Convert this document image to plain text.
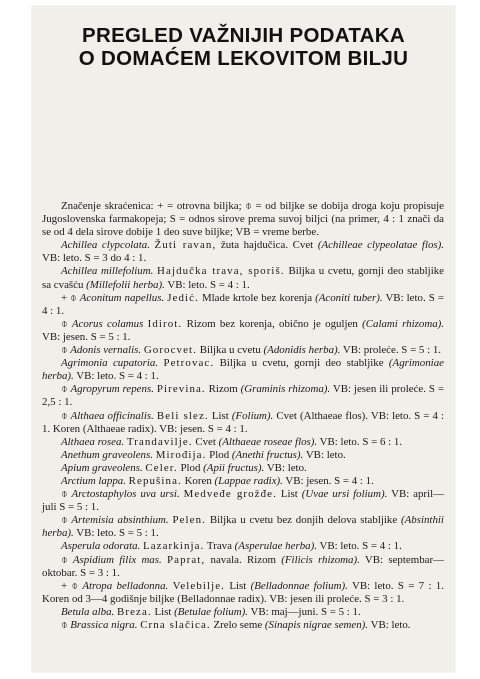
PREGLED VAŽNIJIH PODATAKA
O DOMAĆEM LEKOVITOM BILJU

Značenje skraćenica: + = otrovna biljka; ⌽ = od biljke se dobija droga koju propisuje Jugoslovenska farmakopeja; S = odnos sirove prema suvoj biljci (na primer, 4 : 1 znači da se od 4 dela sirove dobije 1 deo suve biljke; VB = vreme berbe.

Achillea clypcolata. Žuti ravan, žuta hajdučica. Cvet (Achilleae clypeolatae flos). VB: leto. S = 3 do 4 : 1.

Achillea millefolium. Hajdučka trava, sporiš. Biljka u cvetu, gornji deo stabljike sa cvašću (Millefolii herba). VB: leto. S = 4 : 1.

+ ⌽ Aconitum napellus. Jedić. Mlade krtole bez korenja (Aconiti tuber). VB: leto. S = 4 : 1.

⌽ Acorus colamus Idirot. Rizom bez korenja, obično je oguljen (Calami rhizoma). VB: jesen. S = 5 : 1.

⌽ Adonis vernalis. Gorocvet. Biljka u cvetu (Adonidis herba). VB: proleće. S = 5 : 1.

Agrimonia cupatoria. Petrovac. Biljka u cvetu, gornji deo stabljike (Agrimoniae herba). VB: leto. S = 4 : 1.

⌽ Agropyrum repens. Pirevina. Rizom (Graminis rhizoma). VB: jesen ili proleće. S = 2,5 : 1.

⌽ Althaea officinalis. Beli slez. List (Folium). Cvet (Althaeae flos). VB: leto. S = 4 : 1. Koren (Althaeae radix). VB: jesen. S = 4 : 1.

Althaea rosea. Trandavilje. Cvet (Althaeae roseae flos). VB: leto. S = 6 : 1.

Anethum graveolens. Mirođija. Plod (Anethi fructus). VB: leto.

Apium graveolens. Celer. Plod (Apii fructus). VB: leto.

Arctium lappa. Repušina. Koren (Lappae radix). VB: jesen. S = 4 : 1.

⌽ Arctostaphylos uva ursi. Medveđe grožđe. List (Uvae ursi folium). VB: april—juli S = 5 : 1.

⌽ Artemisia absinthium. Pelen. Biljka u cvetu bez donjih delova stabljike (Absinthii herba). VB: leto. S = 5 : 1.

Asperula odorata. Lazarkinja. Trava (Asperulae herba). VB: leto. S = 4 : 1.

⌽ Aspidium filix mas. Paprat, navala. Rizom (Filicis rhizoma). VB: septembar—oktobar. S = 3 : 1.

+ ⌽ Atropa belladonna. Velebilje. List (Belladonnae folium). VB: leto. S = 7 : 1. Koren od 3—4 godišnje biljke (Belladonnae radix). VB: jesen ili proleće. S = 3 : 1.

Betula alba. Breza. List (Betulae folium). VB: maj—juni. S = 5 : 1.

⌽ Brassica nigra. Crna slačica. Zrelo seme (Sinapis nigrae semen). VB: leto.
